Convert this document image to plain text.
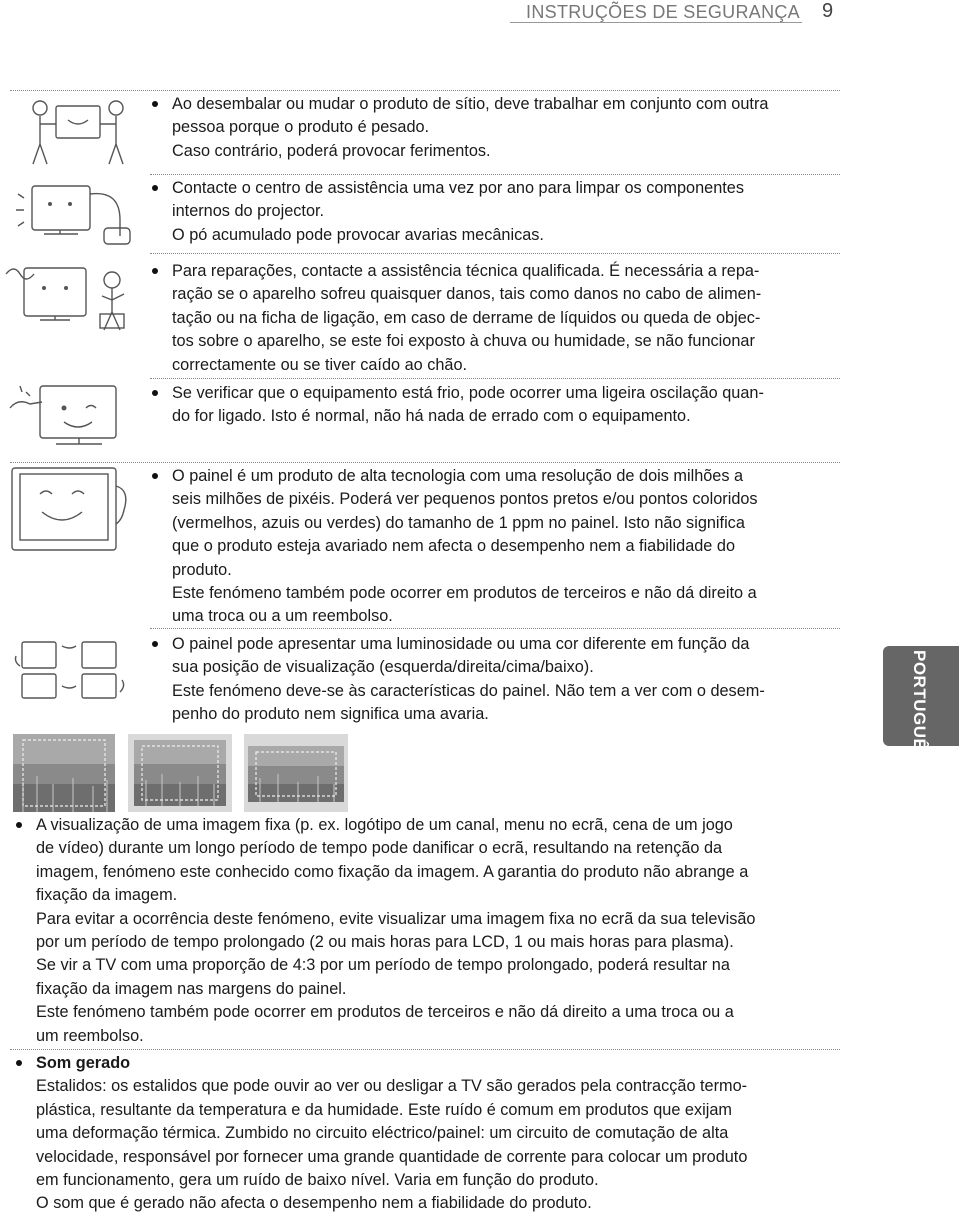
INSTRUÇÕES DE SEGURANÇA 9
Ao desembalar ou mudar o produto de sítio, deve trabalhar em conjunto com outra
pessoa porque o produto é pesado.
Caso contrário, poderá provocar ferimentos.
Contacte o centro de assistência uma vez por ano para limpar os componentes
internos do projector.
O pó acumulado pode provocar avarias mecânicas.
Para reparações, contacte a assistência técnica qualificada. É necessária a repa-
ração se o aparelho sofreu quaisquer danos, tais como danos no cabo de alimen-
tação ou na ficha de ligação, em caso de derrame de líquidos ou queda de objec-
tos sobre o aparelho, se este foi exposto à chuva ou humidade, se não funcionar
correctamente ou se tiver caído ao chão.
Se verificar que o equipamento está frio, pode ocorrer uma ligeira oscilação quan-
do for ligado. Isto é normal, não há nada de errado com o equipamento.
O painel é um produto de alta tecnologia com uma resolução de dois milhões a
seis milhões de pixéis. Poderá ver pequenos pontos pretos e/ou pontos coloridos
(vermelhos, azuis ou verdes) do tamanho de 1 ppm no painel. Isto não significa
que o produto esteja avariado nem afecta o desempenho nem a fiabilidade do
produto.
Este fenómeno também pode ocorrer em produtos de terceiros e não dá direito a
uma troca ou a um reembolso.
O painel pode apresentar uma luminosidade ou uma cor diferente em função da
sua posição de visualização (esquerda/direita/cima/baixo).
Este fenómeno deve-se às características do painel. Não tem a ver com o desem-
penho do produto nem significa uma avaria.
A visualização de uma imagem fixa (p. ex. logótipo de um canal, menu no ecrã, cena de um jogo
de vídeo) durante um longo período de tempo pode danificar o ecrã, resultando na retenção da
imagem, fenómeno este conhecido como fixação da imagem. A garantia do produto não abrange a
fixação da imagem.
Para evitar a ocorrência deste fenómeno, evite visualizar uma imagem fixa no ecrã da sua televisão
por um período de tempo prolongado (2 ou mais horas para LCD, 1 ou mais horas para plasma).
Se vir a TV com uma proporção de 4:3 por um período de tempo prolongado, poderá resultar na
fixação da imagem nas margens do painel.
Este fenómeno também pode ocorrer em produtos de terceiros e não dá direito a uma troca ou a
um reembolso.
Som gerado
Estalidos: os estalidos que pode ouvir ao ver ou desligar a TV são gerados pela contracção termo-
plástica, resultante da temperatura e da humidade. Este ruído é comum em produtos que exijam
uma deformação térmica. Zumbido no circuito eléctrico/painel: um circuito de comutação de alta
velocidade, responsável por fornecer uma grande quantidade de corrente para colocar um produto
em funcionamento, gera um ruído de baixo nível. Varia em função do produto.
O som que é gerado não afecta o desempenho nem a fiabilidade do produto.
PORTUGUÊS
